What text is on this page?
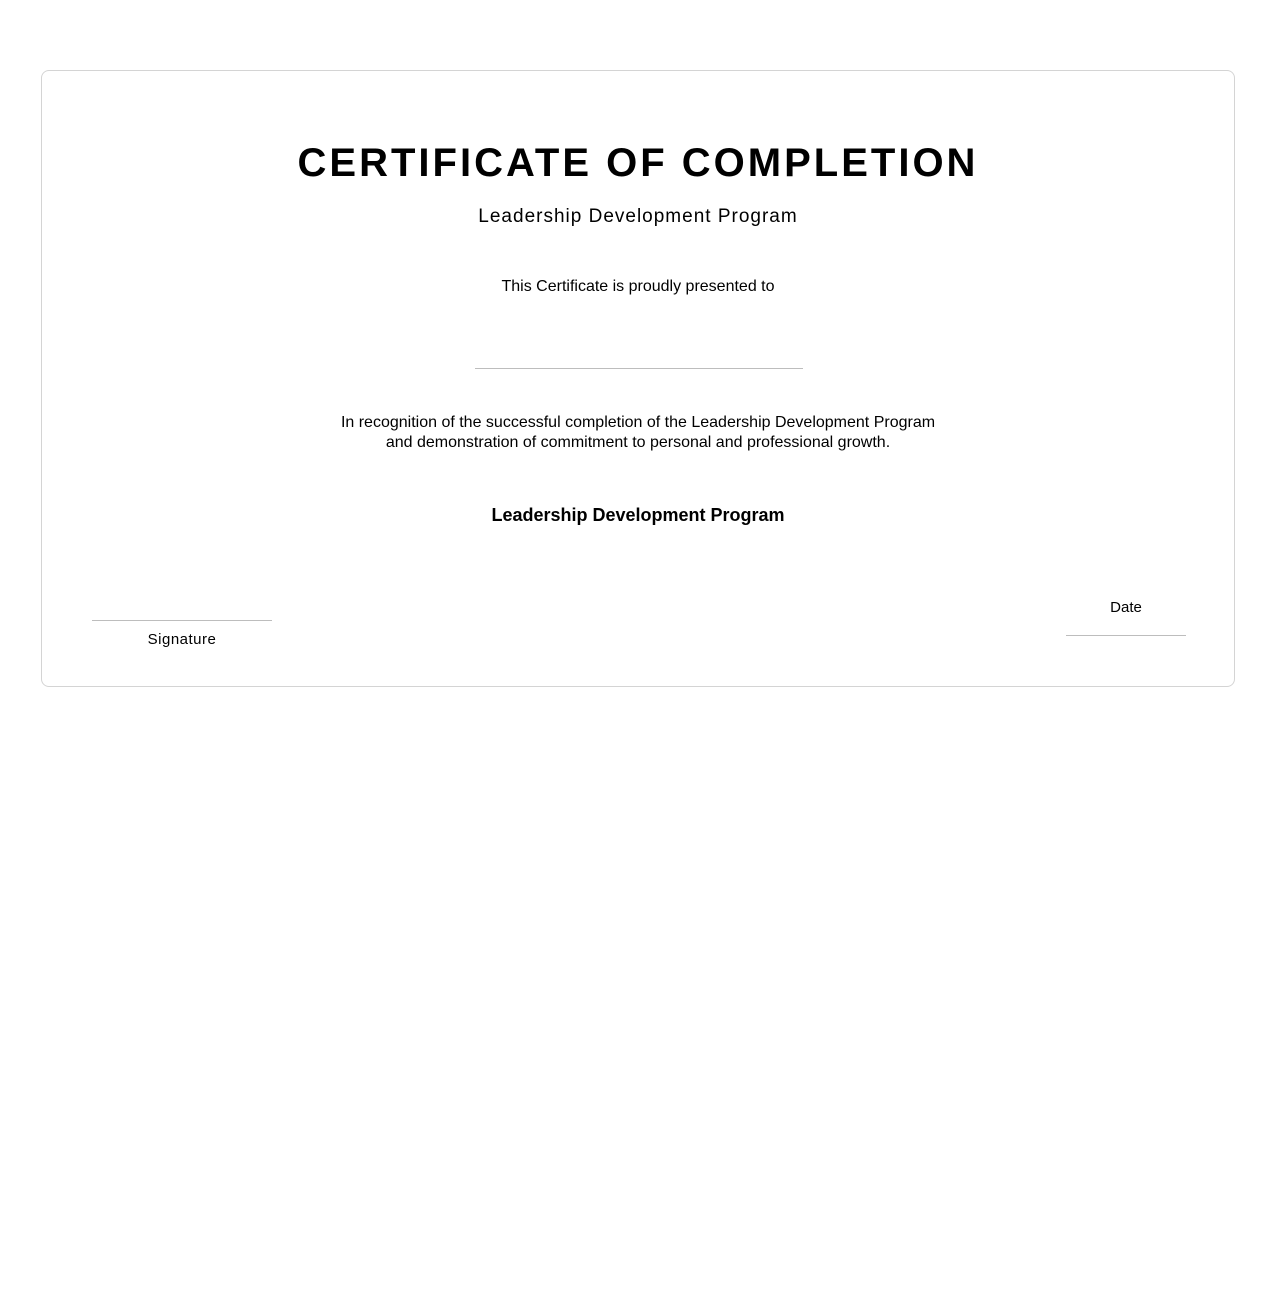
CERTIFICATE OF COMPLETION
Leadership Development Program
This Certificate is proudly presented to
In recognition of the successful completion of the Leadership Development Program
and demonstration of commitment to personal and professional growth.
Leadership Development Program
Signature
Date
